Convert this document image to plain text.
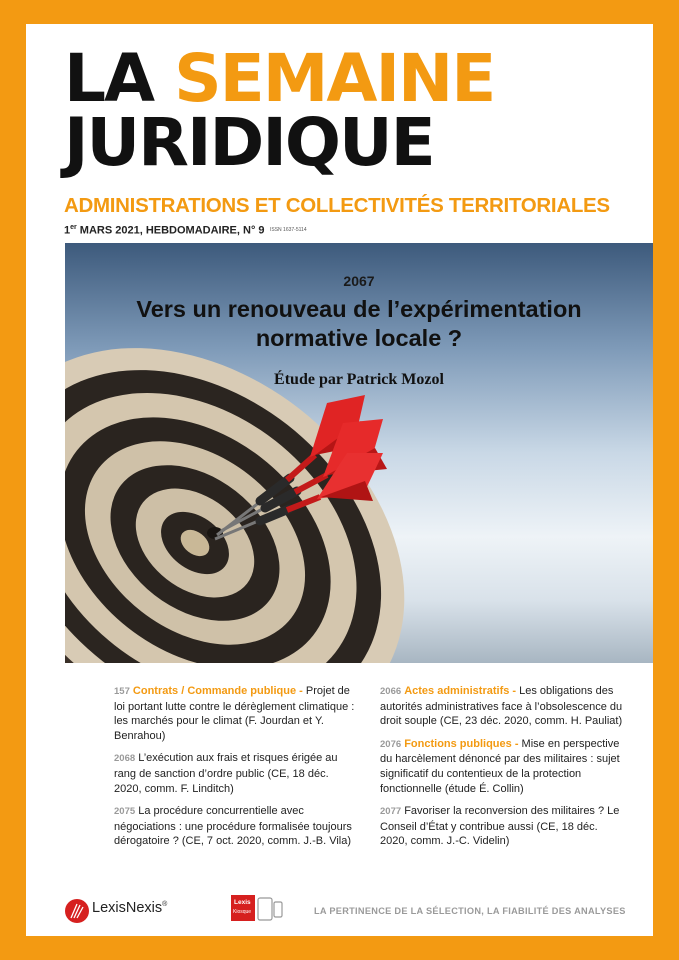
LA SEMAINE
JURIDIQUE
ADMINISTRATIONS ET COLLECTIVITÉS TERRITORIALES
1er MARS 2021, HEBDOMADAIRE, N° 9 ISSN 1637-5114
2067
Vers un renouveau de l’expérimentation
normative locale ?
Étude par Patrick Mozol
157 Contrats / Commande publique - Projet de loi portant lutte contre le dérèglement climatique : les marchés pour le climat (F. Jourdan et Y. Benrahou)
2068 L’exécution aux frais et risques érigée au rang de sanction d’ordre public (CE, 18 déc. 2020, comm. F. Linditch)
2075 La procédure concurrentielle avec négociations : une procédure formalisée toujours dérogatoire ? (CE, 7 oct. 2020, comm. J.-B. Vila)
2066 Actes administratifs - Les obligations des autorités administratives face à l’obsolescence du droit souple (CE, 23 déc. 2020, comm. H. Pauliat)
2076 Fonctions publiques - Mise en perspective du harcèlement dénoncé par des militaires : sujet significatif du contentieux de la protection fonctionnelle (étude É. Collin)
2077 Favoriser la reconversion des militaires ? Le Conseil d’État y contribue aussi (CE, 18 déc. 2020, comm. J.-C. Videlin)
LexisNexis®	Lexis
Kiosque	LA PERTINENCE DE LA SÉLECTION, LA FIABILITÉ DES ANALYSES
